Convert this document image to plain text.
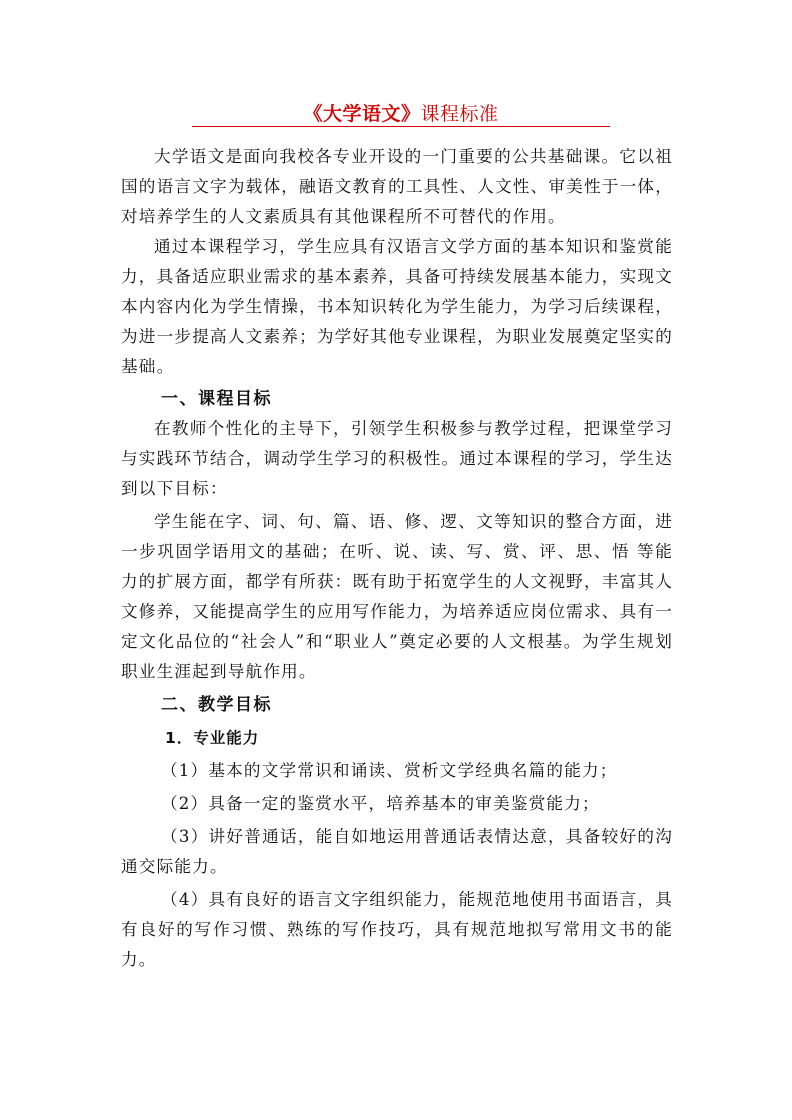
《大学语文》课程标准

大学语文是面向我校各专业开设的一门重要的公共基础课。它以祖国的语言文字为载体，融语文教育的工具性、人文性、审美性于一体，对培养学生的人文素质具有其他课程所不可替代的作用。

通过本课程学习，学生应具有汉语言文学方面的基本知识和鉴赏能力，具备适应职业需求的基本素养，具备可持续发展基本能力，实现文本内容内化为学生情操，书本知识转化为学生能力，为学习后续课程，为进一步提高人文素养；为学好其他专业课程，为职业发展奠定坚实的基础。

一、课程目标

在教师个性化的主导下，引领学生积极参与教学过程，把课堂学习与实践环节结合，调动学生学习的积极性。通过本课程的学习，学生达到以下目标：

学生能在字、词、句、篇、语、修、逻、文等知识的整合方面，进一步巩固学语用文的基础；在听、说、读、写、赏、评、思、悟 等能力的扩展方面，都学有所获：既有助于拓宽学生的人文视野，丰富其人文修养，又能提高学生的应用写作能力，为培养适应岗位需求、具有一定文化品位的“社会人”和“职业人”奠定必要的人文根基。为学生规划职业生涯起到导航作用。

二、教学目标

1．专业能力

（1）基本的文学常识和诵读、赏析文学经典名篇的能力；

（2）具备一定的鉴赏水平，培养基本的审美鉴赏能力；

（3）讲好普通话，能自如地运用普通话表情达意，具备较好的沟通交际能力。

（4）具有良好的语言文字组织能力，能规范地使用书面语言，具有良好的写作习惯、熟练的写作技巧，具有规范地拟写常用文书的能力。
